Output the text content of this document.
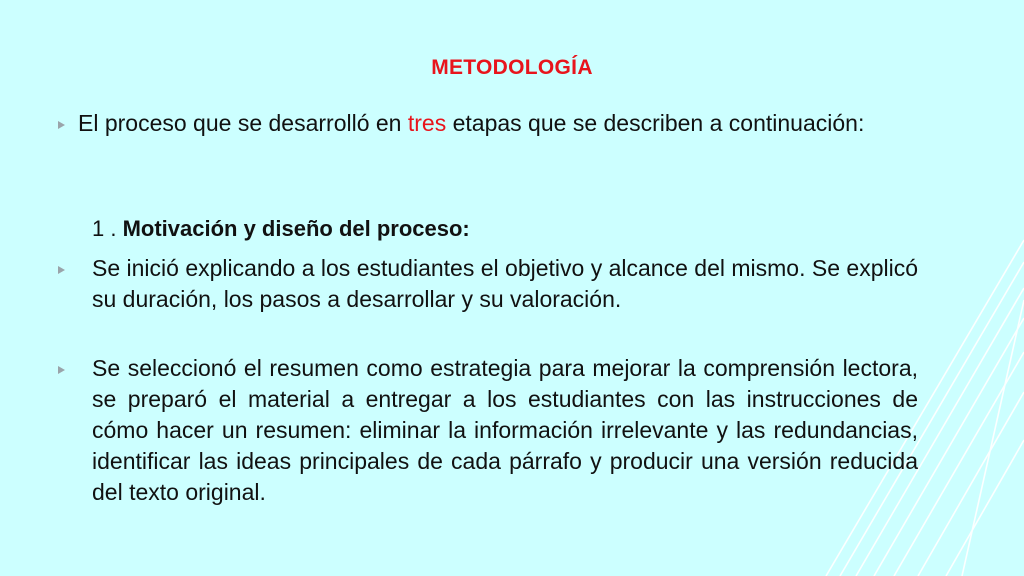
METODOLOGÍA

El proceso que se desarrolló en tres etapas que se describen a continuación:

1 . Motivación y diseño del proceso:

Se inició explicando a los estudiantes el objetivo y alcance del mismo. Se explicó su duración, los pasos a desarrollar y su valoración.

Se seleccionó el resumen como estrategia para mejorar la comprensión lectora, se preparó el material a entregar a los estudiantes con las instrucciones de cómo hacer un resumen: eliminar la información irrelevante y las redundancias, identificar las ideas principales de cada párrafo y producir una versión reducida del texto original.
